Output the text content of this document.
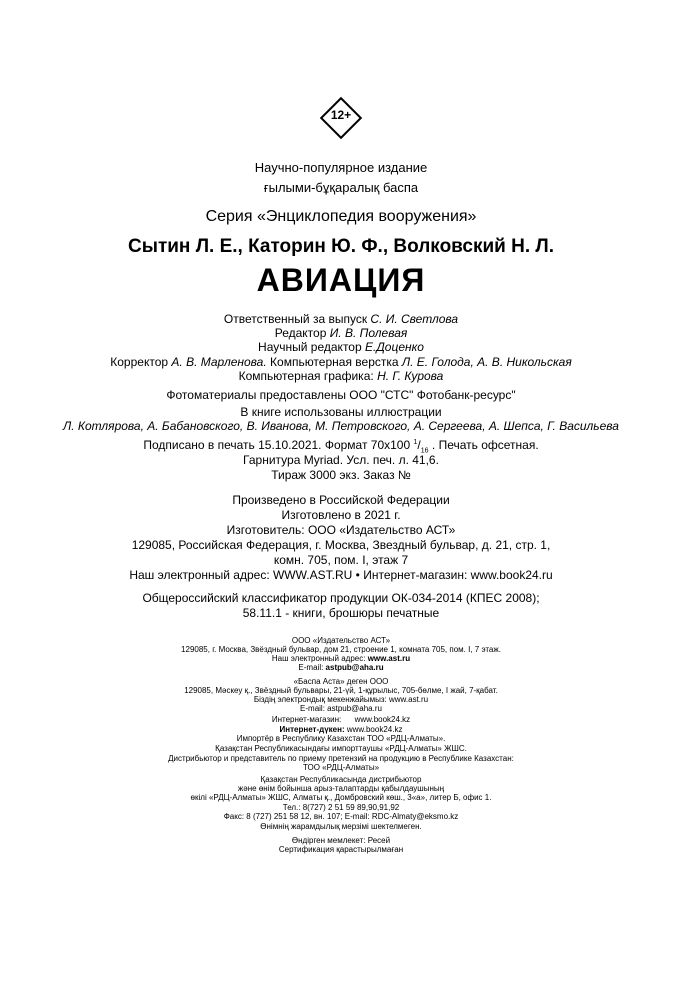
12+
Научно-популярное издание
ғылыми-бұқаралық баспа
Серия «Энциклопедия вооружения»
Сытин Л. Е., Каторин Ю. Ф., Волковский Н. Л.
АВИАЦИЯ
Ответственный за выпуск С. И. Светлова
Редактор И. В. Полевая
Научный редактор Е.Доценко
Корректор А. В. Марленова. Компьютерная верстка Л. Е. Голода, А. В. Никольская
Компьютерная графика: Н. Г. Курова
Фотоматериалы предоставлены ООО "СТС" Фотобанк-ресурс"
В книге использованы иллюстрации
Л. Котлярова, А. Бабановского, В. Иванова, М. Петровского, А. Сергеева, А. Шепса, Г. Васильева
Подписано в печать 15.10.2021. Формат 70х100 $^1/_{16}$ . Печать офсетная.
Гарнитура Myriad. Усл. печ. л. 41,6.
Тираж 3000 экз. Заказ №
Произведено в Российской Федерации
Изготовлено в 2021 г.
Изготовитель: ООО «Издательство АСТ»
129085, Российская Федерация, г. Москва, Звездный бульвар, д. 21, стр. 1,
комн. 705, пом. I, этаж 7
Наш электронный адрес: WWW.AST.RU • Интернет-магазин: www.book24.ru
Общероссийский классификатор продукции ОК-034-2014 (КПЕС 2008);
58.11.1 - книги, брошюры печатные
ООО «Издательство АСТ»
129085, г. Москва, Звёздный бульвар, дом 21, строение 1, комната 705, пом. I, 7 этаж.
Наш электронный адрес: www.ast.ru
E-mail: astpub@aha.ru
«Баспа Аста» деген ООО
129085, Мәскеу қ., Звёздный бульвары, 21-үй, 1-құрылыс, 705-бөлме, I жай, 7-қабат.
Біздің электрондық мекенжайымыз: www.ast.ru
E-mail: astpub@aha.ru
Интернет-магазин: www.book24.kz
Интернет-дүкен: www.book24.kz
Импортёр в Республику Казахстан ТОО «РДЦ-Алматы».
Қазақстан Республикасындағы импорттаушы «РДЦ-Алматы» ЖШС.
Дистрибьютор и представитель по приему претензий на продукцию в Республике Казахстан:
ТОО «РДЦ-Алматы»
Қазақстан Республикасында дистрибьютор
және өнім бойынша арыз-талаптарды қабылдаушының
өкілі «РДЦ-Алматы» ЖШС, Алматы қ., Домбровский көш., 3«а», литер Б, офис 1.
Тел.: 8(727) 2 51 59 89,90,91,92
Факс: 8 (727) 251 58 12, вн. 107; E-mail: RDC-Almaty@eksmo.kz
Өнімнің жарамдылық мерзімі шектелмеген.
Өндірген мемлекет: Ресей
Сертификация қарастырылмаған
